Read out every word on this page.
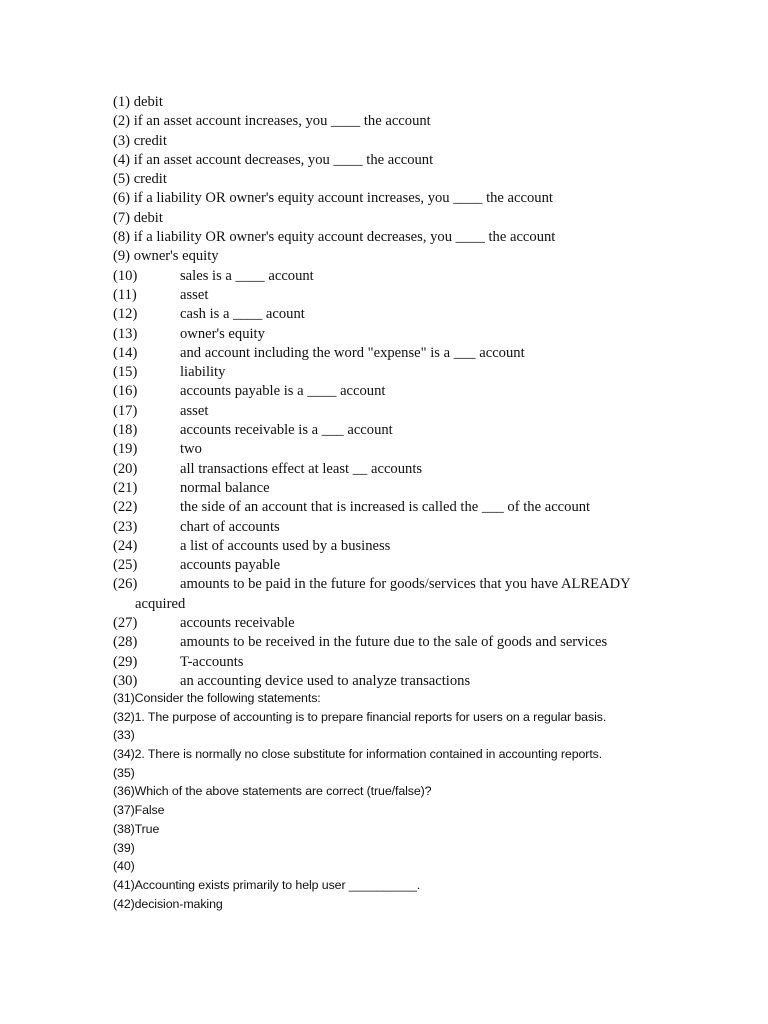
(1) debit
(2) if an asset account increases, you ____ the account
(3) credit
(4) if an asset account decreases, you ____ the account
(5) credit
(6) if a liability OR owner's equity account increases, you ____ the account
(7) debit
(8) if a liability OR owner's equity account decreases, you ____ the account
(9) owner's equity
(10)	sales is a ____ account
(11)	asset
(12)	cash is a ____ acount
(13)	owner's equity
(14)	and account including the word "expense" is a ___ account
(15)	liability
(16)	accounts payable is a ____ account
(17)	asset
(18)	accounts receivable is a ___ account
(19)	two
(20)	all transactions effect at least __ accounts
(21)	normal balance
(22)	the side of an account that is increased is called the ___ of the account
(23)	chart of accounts
(24)	a list of accounts used by a business
(25)	accounts payable
(26)	amounts to be paid in the future for goods/services that you have ALREADY
acquired
(27)	accounts receivable
(28)	amounts to be received in the future due to the sale of goods and services
(29)	T-accounts
(30)	an accounting device used to analyze transactions
(31)Consider the following statements:
(32)1. The purpose of accounting is to prepare financial reports for users on a regular basis.
(33)
(34)2. There is normally no close substitute for information contained in accounting reports.
(35)
(36)Which of the above statements are correct (true/false)?
(37)False
(38)True
(39)
(40)
(41)Accounting exists primarily to help user __________.
(42)decision-making
